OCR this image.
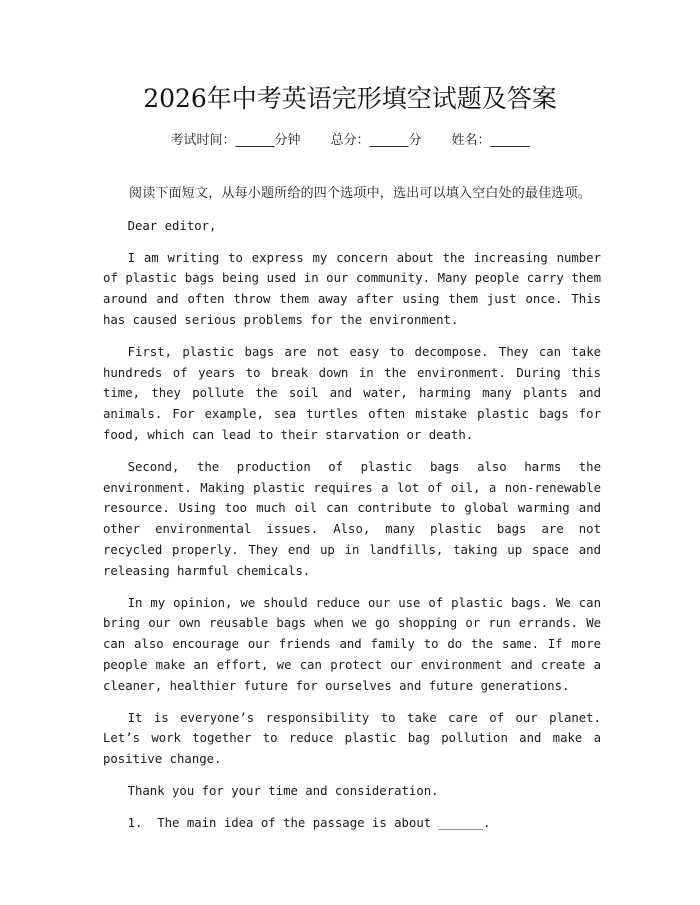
2026年中考英语完形填空试题及答案
考试时间：______分钟 总分：______分 姓名：______

阅读下面短文，从每小题所给的四个选项中，选出可以填入空白处的最佳选项。

Dear editor,

I am writing to express my concern about the increasing number of plastic bags being used in our community. Many people carry them around and often throw them away after using them just once. This has caused serious problems for the environment.

First, plastic bags are not easy to decompose. They can take hundreds of years to break down in the environment. During this time, they pollute the soil and water, harming many plants and animals. For example, sea turtles often mistake plastic bags for food, which can lead to their starvation or death.

Second, the production of plastic bags also harms the environment. Making plastic requires a lot of oil, a non-renewable resource. Using too much oil can contribute to global warming and other environmental issues. Also, many plastic bags are not recycled properly. They end up in landfills, taking up space and releasing harmful chemicals.

In my opinion, we should reduce our use of plastic bags. We can bring our own reusable bags when we go shopping or run errands. We can also encourage our friends and family to do the same. If more people make an effort, we can protect our environment and create a cleaner, healthier future for ourselves and future generations.

It is everyone’s responsibility to take care of our planet. Let’s work together to reduce plastic bag pollution and make a positive change.

Thank you for your time and consideration.

1. The main idea of the passage is about ______.
